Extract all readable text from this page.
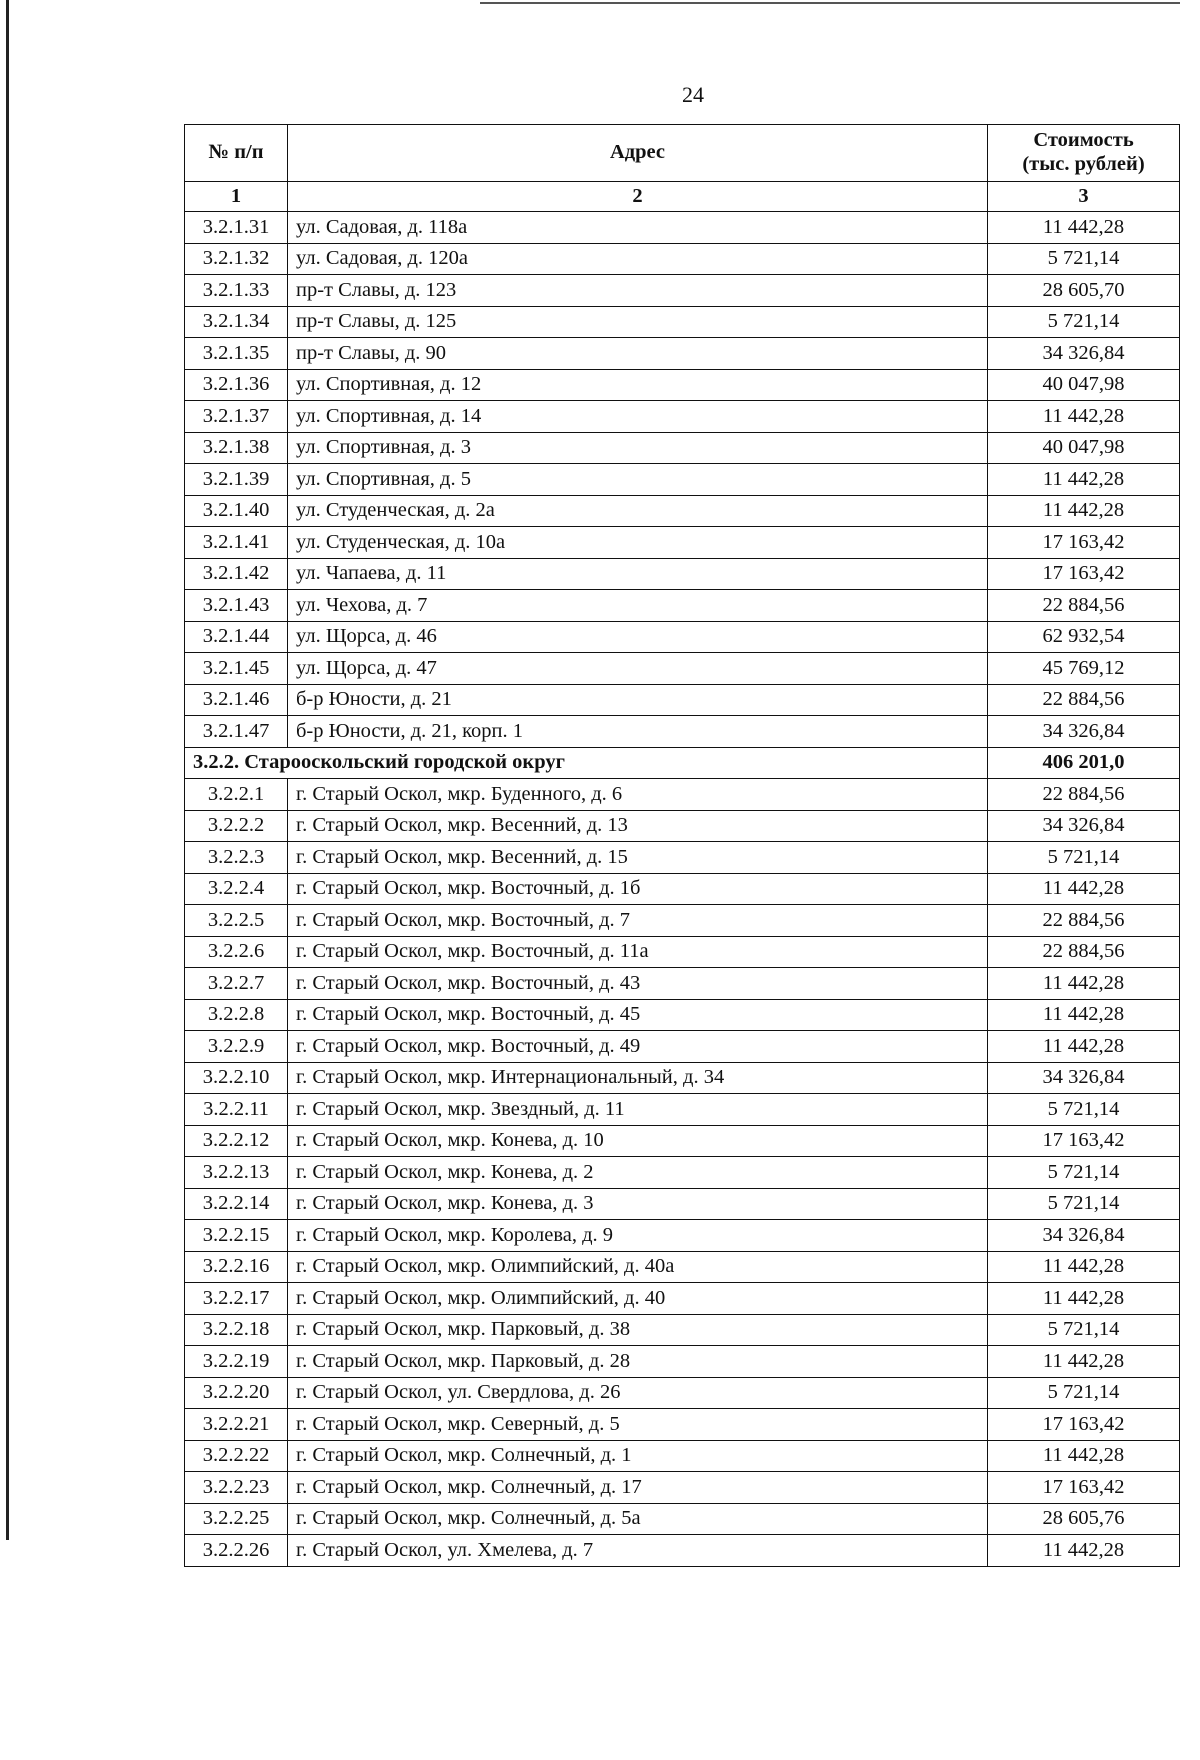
24
№ п/п	Адрес	Стоимость
(тыс. рублей)

1	2	3
3.2.1.31	ул. Садовая, д. 118а	11 442,28
3.2.1.32	ул. Садовая, д. 120а	5 721,14
3.2.1.33	пр-т Славы, д. 123	28 605,70
3.2.1.34	пр-т Славы, д. 125	5 721,14
3.2.1.35	пр-т Славы, д. 90	34 326,84
3.2.1.36	ул. Спортивная, д. 12	40 047,98
3.2.1.37	ул. Спортивная, д. 14	11 442,28
3.2.1.38	ул. Спортивная, д. 3	40 047,98
3.2.1.39	ул. Спортивная, д. 5	11 442,28
3.2.1.40	ул. Студенческая, д. 2а	11 442,28
3.2.1.41	ул. Студенческая, д. 10а	17 163,42
3.2.1.42	ул. Чапаева, д. 11	17 163,42
3.2.1.43	ул. Чехова, д. 7	22 884,56
3.2.1.44	ул. Щорса, д. 46	62 932,54
3.2.1.45	ул. Щорса, д. 47	45 769,12
3.2.1.46	б-р Юности, д. 21	22 884,56
3.2.1.47	б-р Юности, д. 21, корп. 1	34 326,84
3.2.2. Старооскольский городской округ		406 201,0
3.2.2.1	г. Старый Оскол, мкр. Буденного, д. 6	22 884,56
3.2.2.2	г. Старый Оскол, мкр. Весенний, д. 13	34 326,84
3.2.2.3	г. Старый Оскол, мкр. Весенний, д. 15	5 721,14
3.2.2.4	г. Старый Оскол, мкр. Восточный, д. 1б	11 442,28
3.2.2.5	г. Старый Оскол, мкр. Восточный, д. 7	22 884,56
3.2.2.6	г. Старый Оскол, мкр. Восточный, д. 11а	22 884,56
3.2.2.7	г. Старый Оскол, мкр. Восточный, д. 43	11 442,28
3.2.2.8	г. Старый Оскол, мкр. Восточный, д. 45	11 442,28
3.2.2.9	г. Старый Оскол, мкр. Восточный, д. 49	11 442,28
3.2.2.10	г. Старый Оскол, мкр. Интернациональный, д. 34	34 326,84
3.2.2.11	г. Старый Оскол, мкр. Звездный, д. 11	5 721,14
3.2.2.12	г. Старый Оскол, мкр. Конева, д. 10	17 163,42
3.2.2.13	г. Старый Оскол, мкр. Конева, д. 2	5 721,14
3.2.2.14	г. Старый Оскол, мкр. Конева, д. 3	5 721,14
3.2.2.15	г. Старый Оскол, мкр. Королева, д. 9	34 326,84
3.2.2.16	г. Старый Оскол, мкр. Олимпийский, д. 40а	11 442,28
3.2.2.17	г. Старый Оскол, мкр. Олимпийский, д. 40	11 442,28
3.2.2.18	г. Старый Оскол, мкр. Парковый, д. 38	5 721,14
3.2.2.19	г. Старый Оскол, мкр. Парковый, д. 28	11 442,28
3.2.2.20	г. Старый Оскол, ул. Свердлова, д. 26	5 721,14
3.2.2.21	г. Старый Оскол, мкр. Северный, д. 5	17 163,42
3.2.2.22	г. Старый Оскол, мкр. Солнечный, д. 1	11 442,28
3.2.2.23	г. Старый Оскол, мкр. Солнечный, д. 17	17 163,42
3.2.2.25	г. Старый Оскол, мкр. Солнечный, д. 5а	28 605,76
3.2.2.26	г. Старый Оскол, ул. Хмелева, д. 7	11 442,28
